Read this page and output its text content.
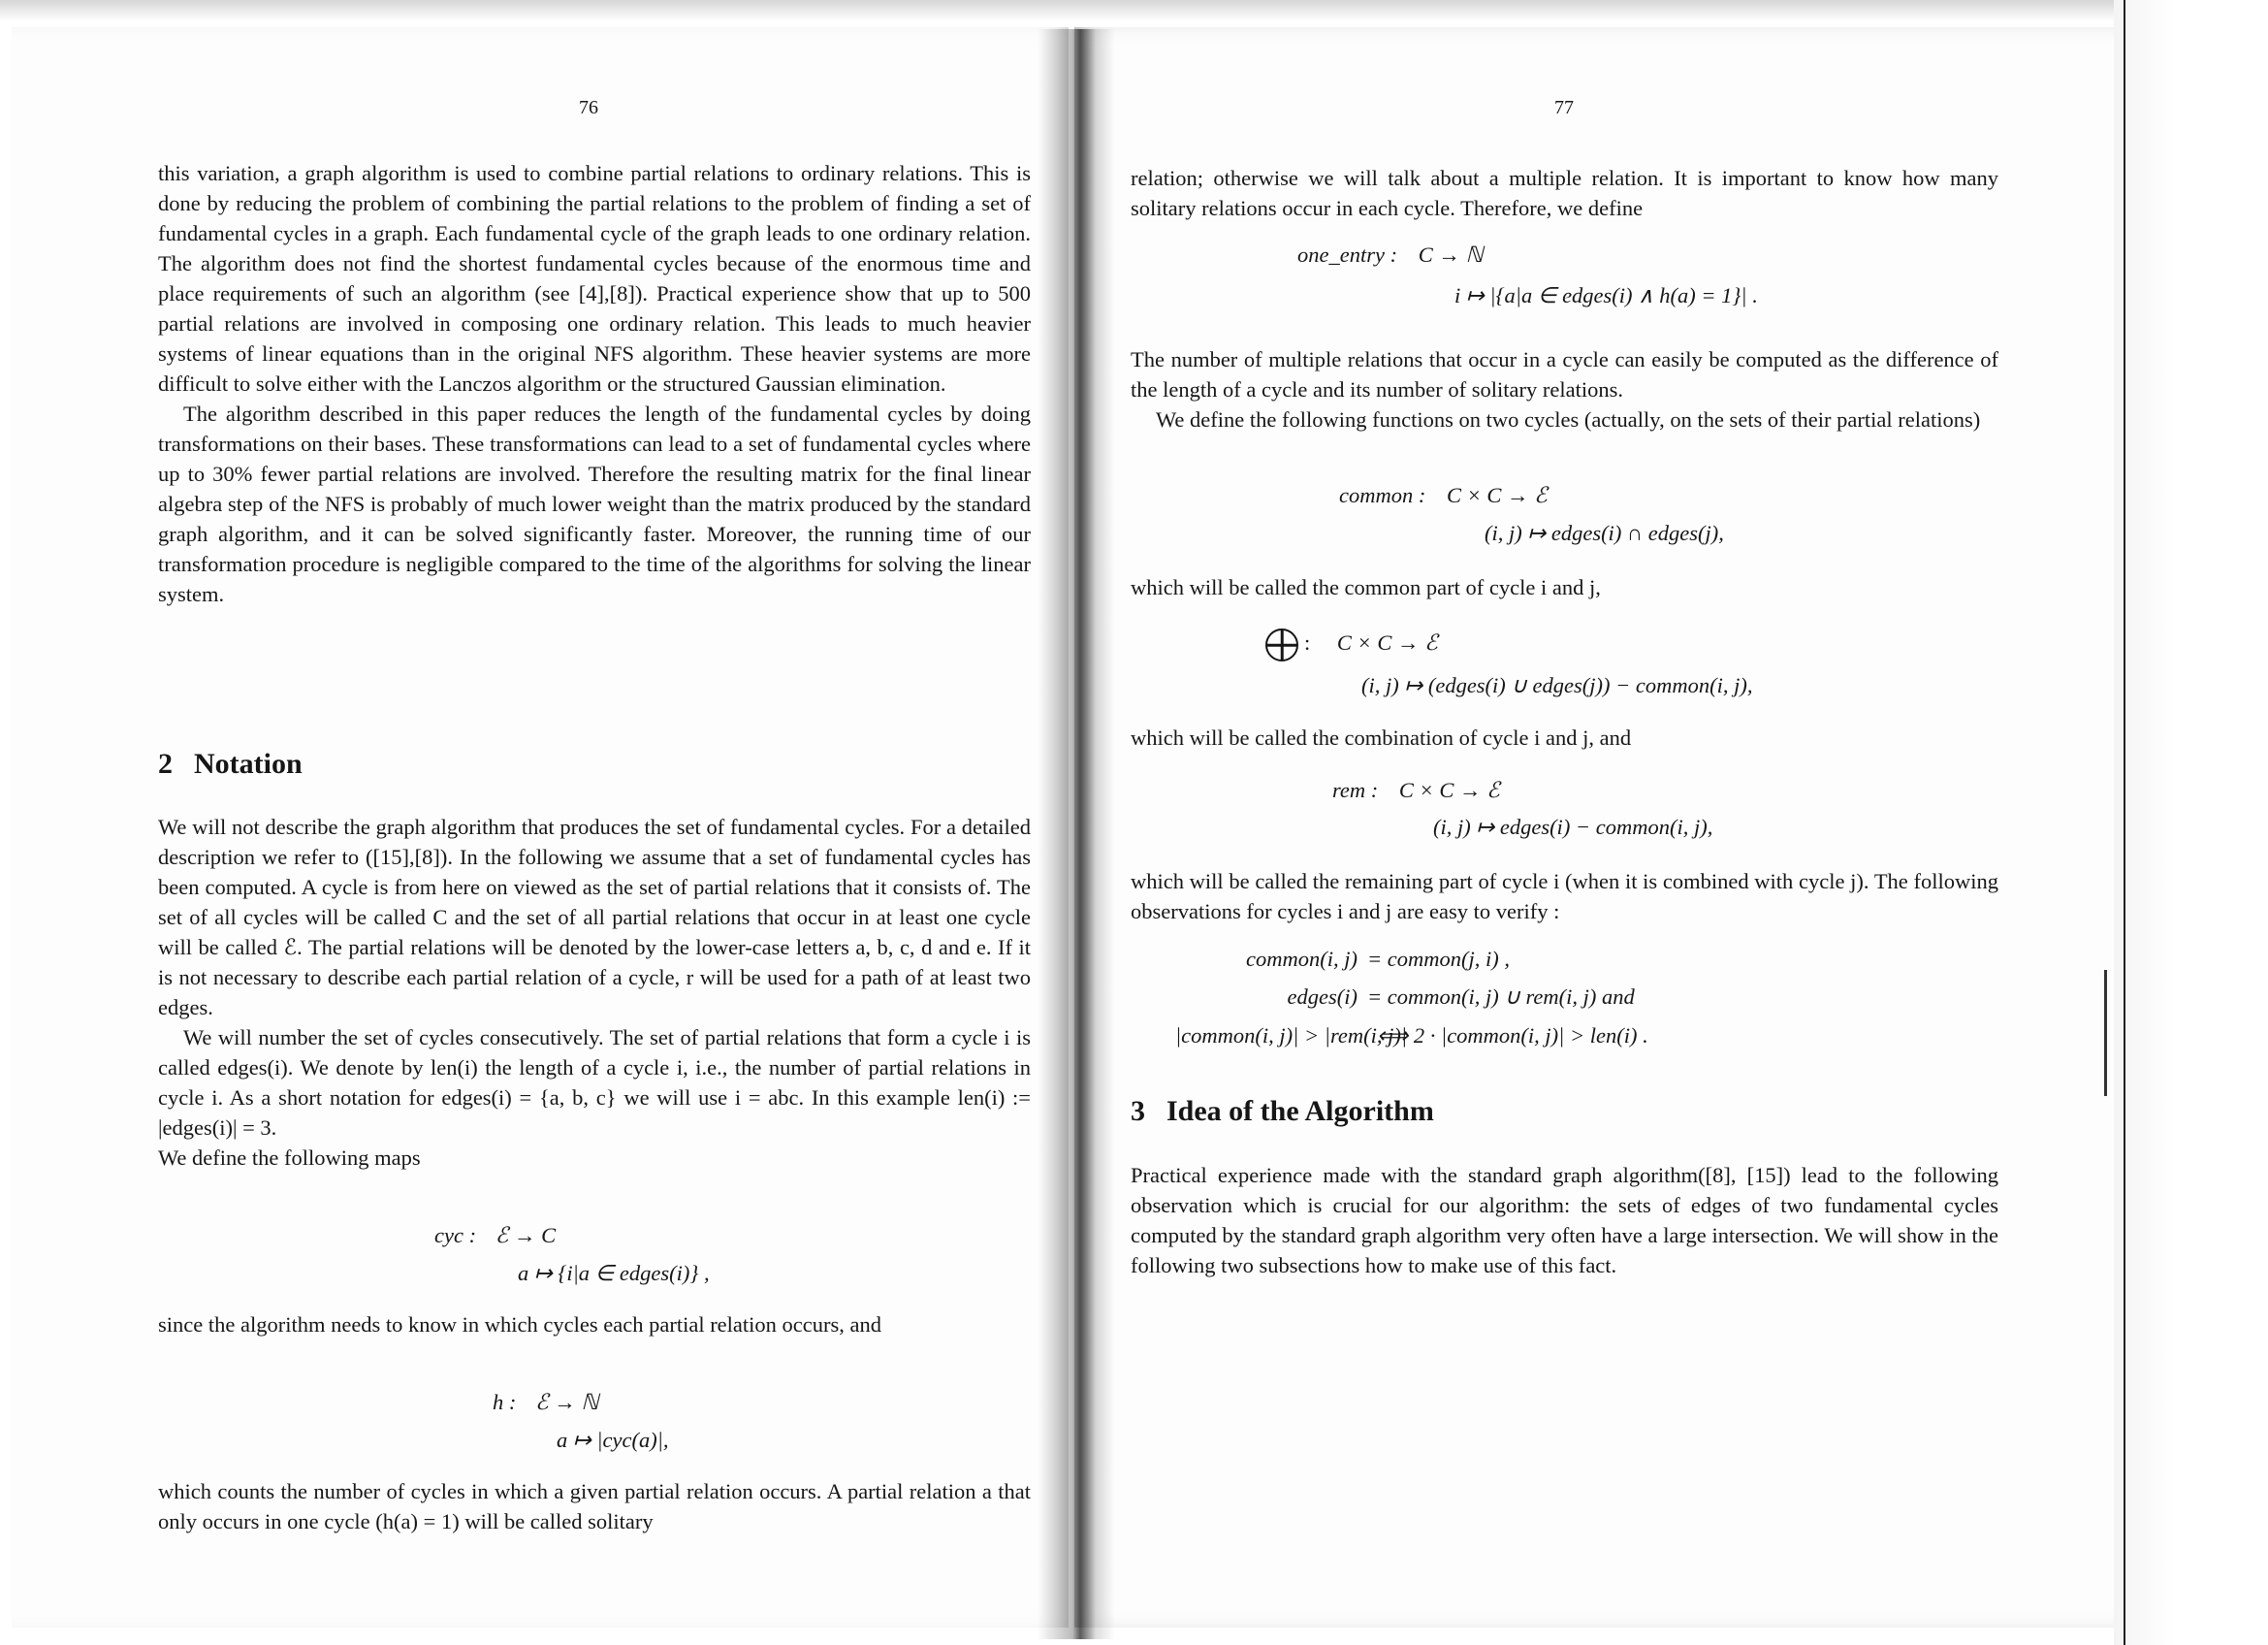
76

this variation, a graph algorithm is used to combine partial relations to ordinary relations. This is done by reducing the problem of combining the partial relations to the problem of finding a set of fundamental cycles in a graph. Each fundamental cycle of the graph leads to one ordinary relation. The algorithm does not find the shortest fundamental cycles because of the enormous time and place requirements of such an algorithm (see [4],[8]). Practical experience show that up to 500 partial relations are involved in composing one ordinary relation. This leads to much heavier systems of linear equations than in the original NFS algorithm. These heavier systems are more difficult to solve either with the Lanczos algorithm or the structured Gaussian elimination.

The algorithm described in this paper reduces the length of the fundamental cycles by doing transformations on their bases. These transformations can lead to a set of fundamental cycles where up to 30% fewer partial relations are involved. Therefore the resulting matrix for the final linear algebra step of the NFS is probably of much lower weight than the matrix produced by the standard graph algorithm, and it can be solved significantly faster. Moreover, the running time of our transformation procedure is negligible compared to the time of the algorithms for solving the linear system.

2 Notation

We will not describe the graph algorithm that produces the set of fundamental cycles. For a detailed description we refer to ([15],[8]). In the following we assume that a set of fundamental cycles has been computed. A cycle is from here on viewed as the set of partial relations that it consists of. The set of all cycles will be called C and the set of all partial relations that occur in at least one cycle will be called ℰ. The partial relations will be denoted by the lower-case letters a, b, c, d and e. If it is not necessary to describe each partial relation of a cycle, r will be used for a path of at least two edges.

We will number the set of cycles consecutively. The set of partial relations that form a cycle i is called edges(i). We denote by len(i) the length of a cycle i, i.e., the number of partial relations in cycle i. As a short notation for edges(i) = {a, b, c} we will use i = abc. In this example len(i) := |edges(i)| = 3.

We define the following maps

cyc : ℰ → C
a ↦ {i|a ∈ edges(i)} ,

since the algorithm needs to know in which cycles each partial relation occurs, and

h : ℰ → ℕ
a ↦ |cyc(a)|,

which counts the number of cycles in which a given partial relation occurs. A partial relation a that only occurs in one cycle (h(a) = 1) will be called solitary

77

relation; otherwise we will talk about a multiple relation. It is important to know how many solitary relations occur in each cycle. Therefore, we define

one_entry : C → ℕ
i ↦ |{a|a ∈ edges(i) ∧ h(a) = 1}| .

The number of multiple relations that occur in a cycle can easily be computed as the difference of the length of a cycle and its number of solitary relations.

We define the following functions on two cycles (actually, on the sets of their partial relations)

common : C × C → ℰ
(i, j) ↦ edges(i) ∩ edges(j),

which will be called the common part of cycle i and j,

: C × C → ℰ
(i, j) ↦ (edges(i) ∪ edges(j)) − common(i, j),

which will be called the combination of cycle i and j, and

rem : C × C → ℰ
(i, j) ↦ edges(i) − common(i, j),

which will be called the remaining part of cycle i (when it is combined with cycle j). The following observations for cycles i and j are easy to verify :

common(i, j) = common(j, i) ,
edges(i) = common(i, j) ∪ rem(i, j) and
|common(i, j)| > |rem(i, j)|
⟺ 2 · |common(i, j)| > len(i) .
3 Idea of the Algorithm

Practical experience made with the standard graph algorithm([8], [15]) lead to the following observation which is crucial for our algorithm: the sets of edges of two fundamental cycles computed by the standard graph algorithm very often have a large intersection. We will show in the following two subsections how to make use of this fact.
